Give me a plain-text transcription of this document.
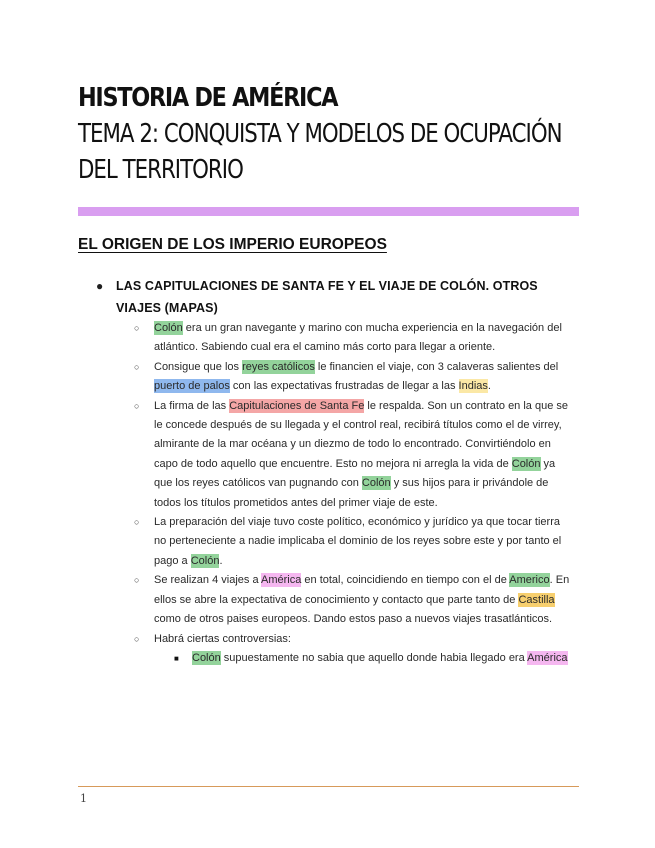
HISTORIA DE AMÉRICA
TEMA 2: CONQUISTA Y MODELOS DE OCUPACIÓN
DEL TERRITORIO
EL ORIGEN DE LOS IMPERIO EUROPEOS
● LAS CAPITULACIONES DE SANTA FE Y EL VIAJE DE COLÓN. OTROS VIAJES (MAPAS)
○ Colón era un gran navegante y marino con mucha experiencia en la navegación del atlántico. Sabiendo cual era el camino más corto para llegar a oriente.
○ Consigue que los reyes católicos le financien el viaje, con 3 calaveras salientes del puerto de palos con las expectativas frustradas de llegar a las Indias.
○ La firma de las Capitulaciones de Santa Fe le respalda. Son un contrato en la que se le concede después de su llegada y el control real, recibirá títulos como el de virrey, almirante de la mar océana y un diezmo de todo lo encontrado. Convirtiéndolo en capo de todo aquello que encuentre. Esto no mejora ni arregla la vida de Colón ya que los reyes católicos van pugnando con Colón y sus hijos para ir privándole de todos los títulos prometidos antes del primer viaje de este.
○ La preparación del viaje tuvo coste político, económico y jurídico ya que tocar tierra no perteneciente a nadie implicaba el dominio de los reyes sobre este y por tanto el pago a Colón.
○ Se realizan 4 viajes a América en total, coincidiendo en tiempo con el de Americo. En ellos se abre la expectativa de conocimiento y contacto que parte tanto de Castilla como de otros paises europeos. Dando estos paso a nuevos viajes trasatlánticos.
○ Habrá ciertas controversias:
■ Colón supuestamente no sabia que aquello donde habia llegado era América
1
